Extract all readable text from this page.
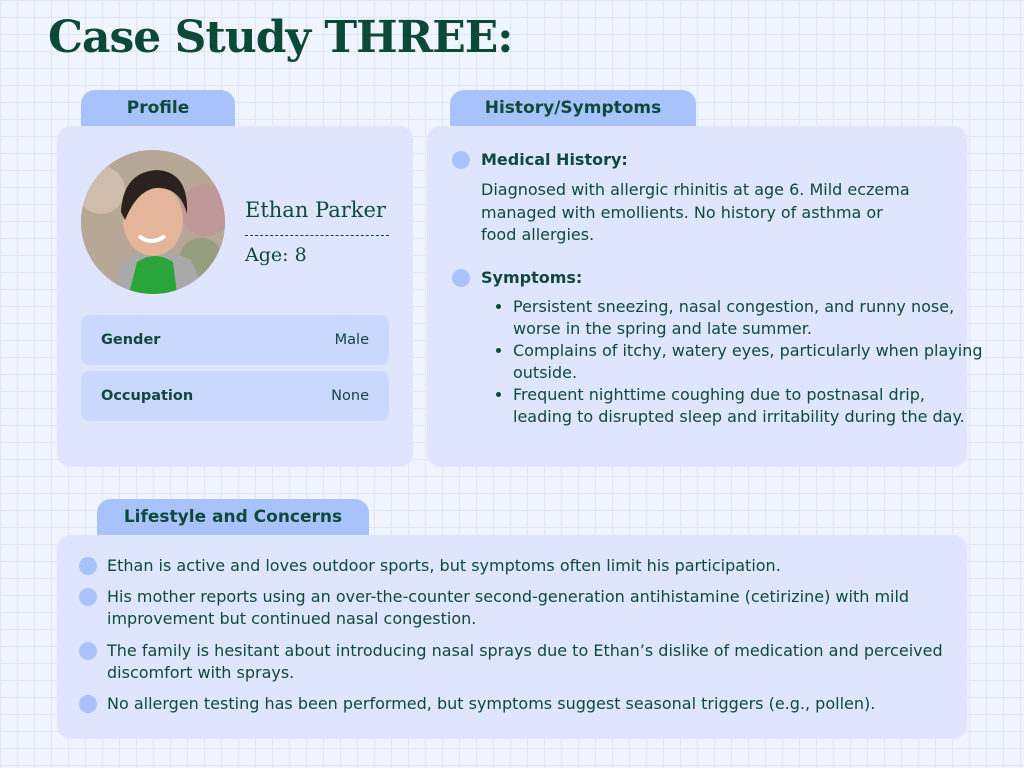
Case Study THREE:
Profile
Ethan Parker
Age: 8
Gender	Male
Occupation	None
History/Symptoms
Medical History:
Diagnosed with allergic rhinitis at age 6. Mild eczema managed with emollients. No history of asthma or food allergies.
Symptoms:
• Persistent sneezing, nasal congestion, and runny nose, worse in the spring and late summer.
• Complains of itchy, watery eyes, particularly when playing outside.
• Frequent nighttime coughing due to postnasal drip, leading to disrupted sleep and irritability during the day.
Lifestyle and Concerns
Ethan is active and loves outdoor sports, but symptoms often limit his participation.
His mother reports using an over-the-counter second-generation antihistamine (cetirizine) with mild improvement but continued nasal congestion.
The family is hesitant about introducing nasal sprays due to Ethan’s dislike of medication and perceived discomfort with sprays.
No allergen testing has been performed, but symptoms suggest seasonal triggers (e.g., pollen).
